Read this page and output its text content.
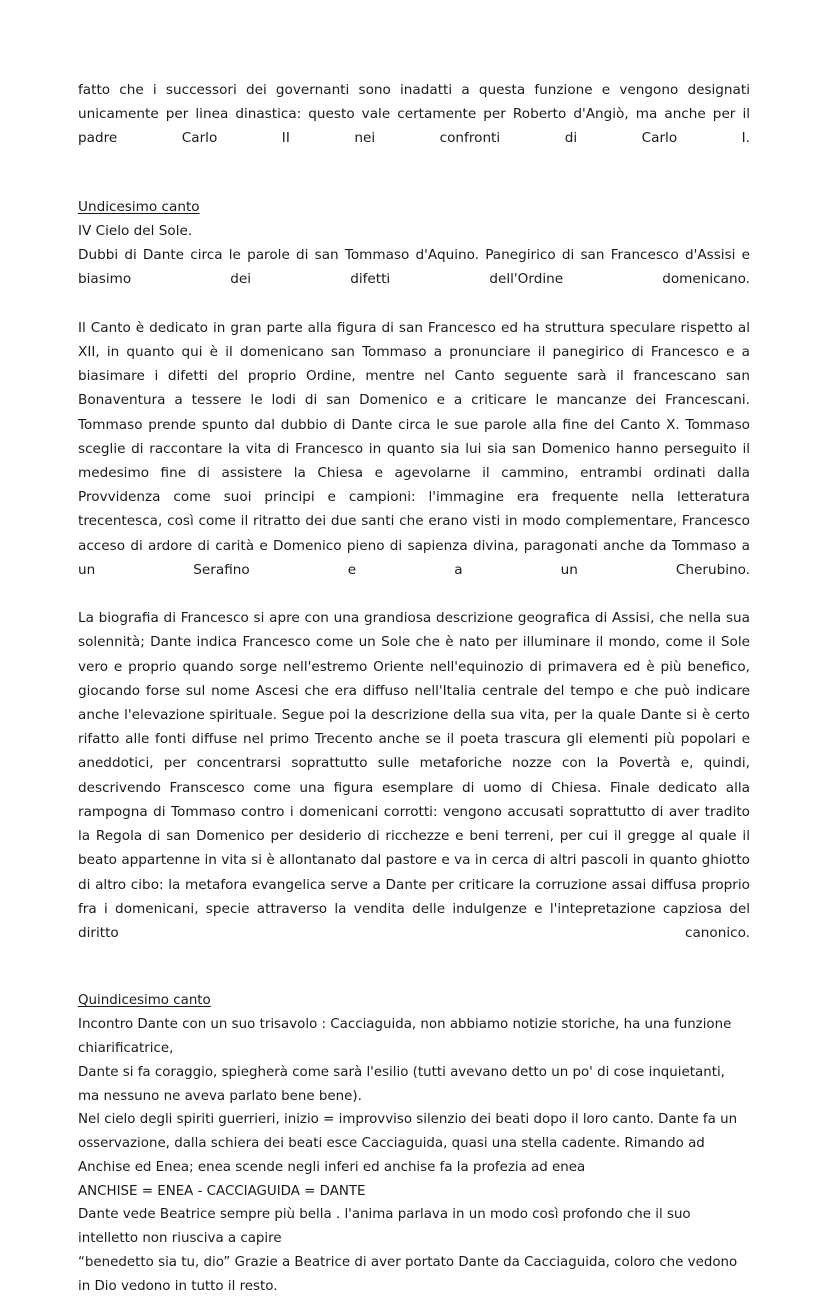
fatto che i successori dei governanti sono inadatti a questa funzione e vengono designati unicamente per linea dinastica: questo vale certamente per Roberto d'Angiò, ma anche per il padre Carlo II nei confronti di Carlo I.

Undicesimo canto

IV Cielo del Sole.

Dubbi di Dante circa le parole di san Tommaso d'Aquino. Panegirico di san Francesco d'Assisi e biasimo dei difetti dell'Ordine domenicano.

Il Canto è dedicato in gran parte alla figura di san Francesco ed ha struttura speculare rispetto al XII, in quanto qui è il domenicano san Tommaso a pronunciare il panegirico di Francesco e a biasimare i difetti del proprio Ordine, mentre nel Canto seguente sarà il francescano san Bonaventura a tessere le lodi di san Domenico e a criticare le mancanze dei Francescani. Tommaso prende spunto dal dubbio di Dante circa le sue parole alla fine del Canto X. Tommaso sceglie di raccontare la vita di Francesco in quanto sia lui sia san Domenico hanno perseguito il medesimo fine di assistere la Chiesa e agevolarne il cammino, entrambi ordinati dalla Provvidenza come suoi principi e campioni: l'immagine era frequente nella letteratura trecentesca, così come il ritratto dei due santi che erano visti in modo complementare, Francesco acceso di ardore di carità e Domenico pieno di sapienza divina, paragonati anche da Tommaso a un Serafino e a un Cherubino.

La biografia di Francesco si apre con una grandiosa descrizione geografica di Assisi, che nella sua solennità; Dante indica Francesco come un Sole che è nato per illuminare il mondo, come il Sole vero e proprio quando sorge nell'estremo Oriente nell'equinozio di primavera ed è più benefico, giocando forse sul nome Ascesi che era diffuso nell'Italia centrale del tempo e che può indicare anche l'elevazione spirituale. Segue poi la descrizione della sua vita, per la quale Dante si è certo rifatto alle fonti diffuse nel primo Trecento anche se il poeta trascura gli elementi più popolari e aneddotici, per concentrarsi soprattutto sulle metaforiche nozze con la Povertà e, quindi, descrivendo Franscesco come una figura esemplare di uomo di Chiesa. Finale dedicato alla rampogna di Tommaso contro i domenicani corrotti: vengono accusati soprattutto di aver tradito la Regola di san Domenico per desiderio di ricchezze e beni terreni, per cui il gregge al quale il beato appartenne in vita si è allontanato dal pastore e va in cerca di altri pascoli in quanto ghiotto di altro cibo: la metafora evangelica serve a Dante per criticare la corruzione assai diffusa proprio fra i domenicani, specie attraverso la vendita delle indulgenze e l'intepretazione capziosa del diritto canonico.

Quindicesimo canto

Incontro Dante con un suo trisavolo : Cacciaguida, non abbiamo notizie storiche, ha una funzione chiarificatrice,

Dante si fa coraggio, spiegherà come sarà l'esilio (tutti avevano detto un po' di cose inquietanti, ma nessuno ne aveva parlato bene bene).

Nel cielo degli spiriti guerrieri, inizio = improvviso silenzio dei beati dopo il loro canto. Dante fa un osservazione, dalla schiera dei beati esce Cacciaguida, quasi una stella cadente. Rimando ad Anchise ed Enea; enea scende negli inferi ed anchise fa la profezia ad enea

ANCHISE = ENEA - CACCIAGUIDA = DANTE

Dante vede Beatrice sempre più bella . l'anima parlava in un modo così profondo che il suo intelletto non riusciva a capire

“benedetto sia tu, dio” Grazie a Beatrice di aver portato Dante da Cacciaguida, coloro che vedono in Dio vedono in tutto il resto.
